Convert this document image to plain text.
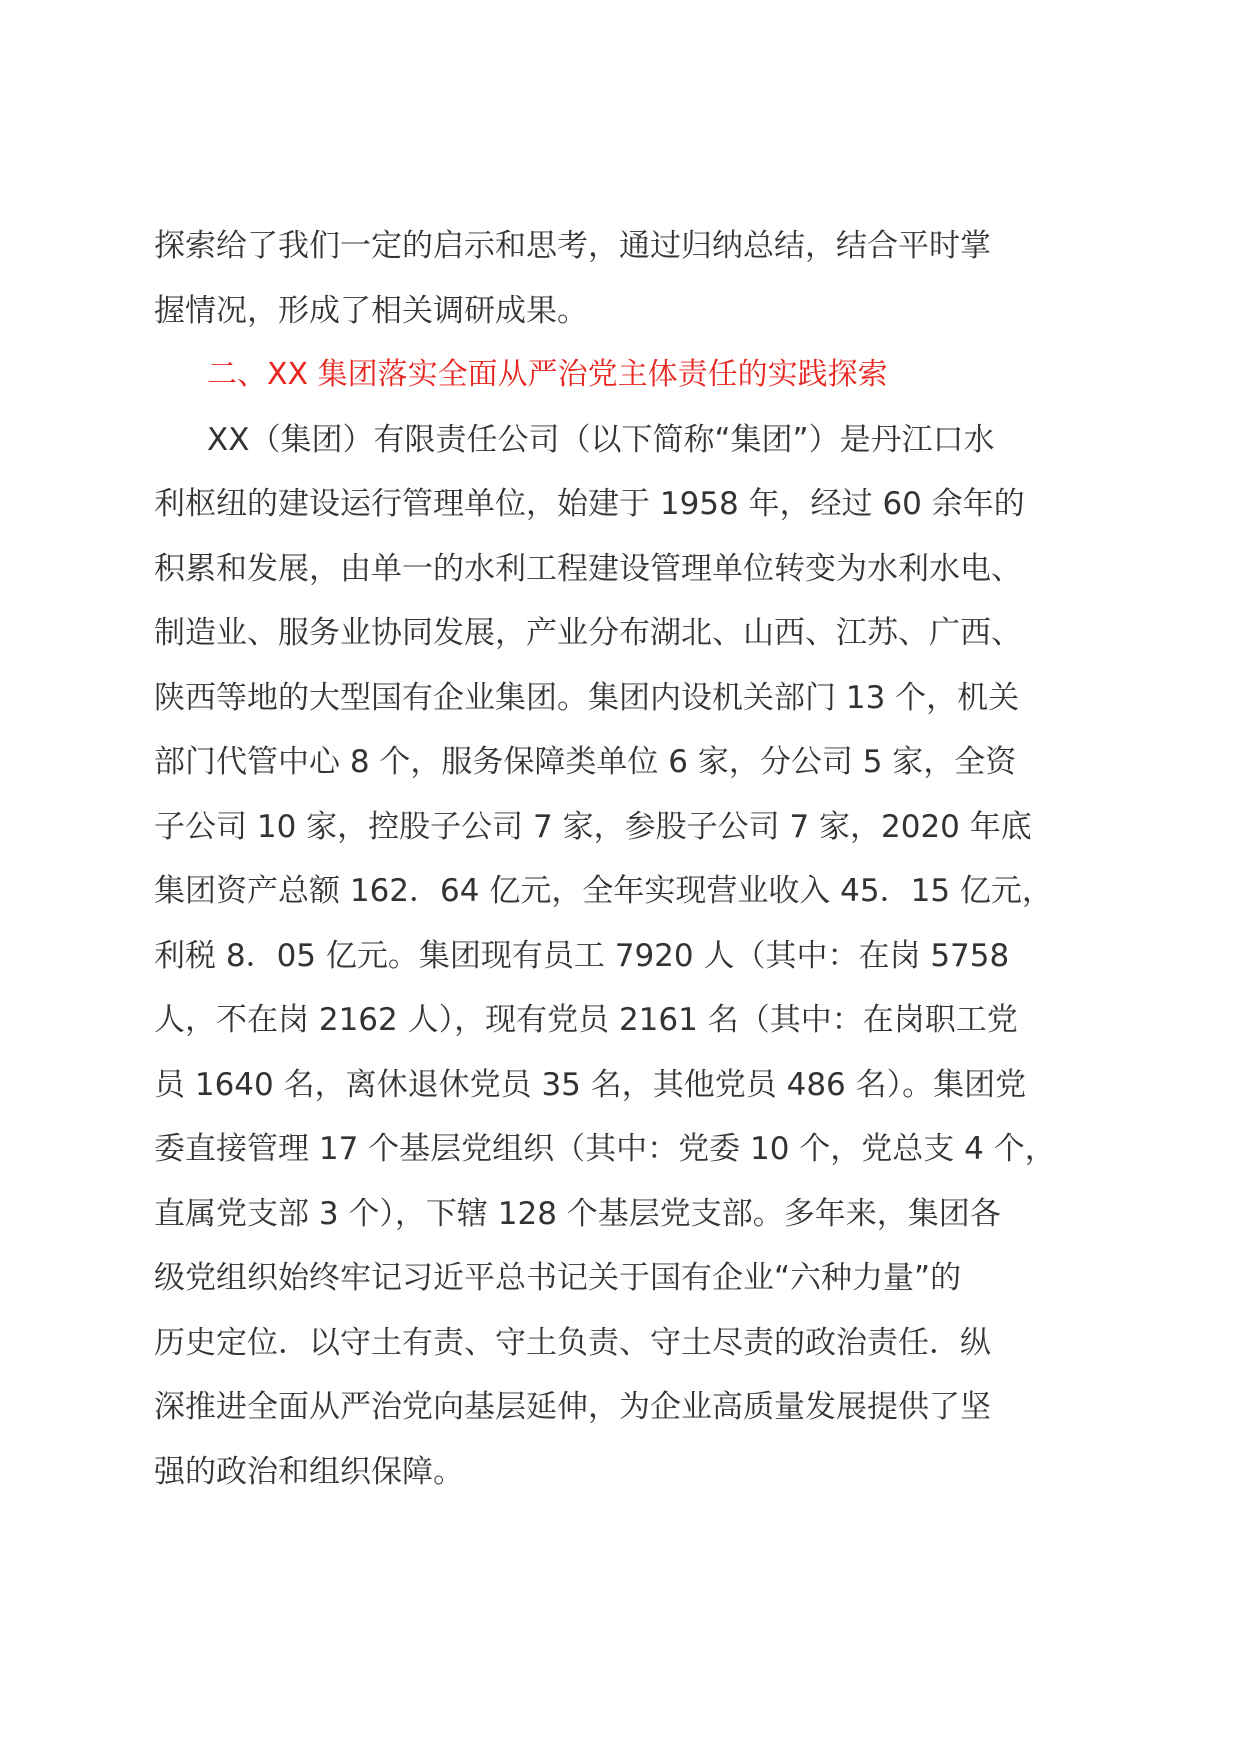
探索给了我们一定的启示和思考，通过归纳总结，结合平时掌
握情况，形成了相关调研成果。
二、XX 集团落实全面从严治党主体责任的实践探索
XX（集团）有限责任公司（以下简称“集团”）是丹江口水
利枢纽的建设运行管理单位，始建于 1958 年，经过 60 余年的
积累和发展，由单一的水利工程建设管理单位转变为水利水电、
制造业、服务业协同发展，产业分布湖北、山西、江苏、广西、
陕西等地的大型国有企业集团。集团内设机关部门 13 个，机关
部门代管中心 8 个，服务保障类单位 6 家，分公司 5 家，全资
子公司 10 家，控股子公司 7 家，参股子公司 7 家，2020 年底
集团资产总额 162．64 亿元，全年实现营业收入 45．15 亿元，
利税 8．05 亿元。集团现有员工 7920 人（其中：在岗 5758
人，不在岗 2162 人），现有党员 2161 名（其中：在岗职工党
员 1640 名，离休退休党员 35 名，其他党员 486 名）。集团党
委直接管理 17 个基层党组织（其中：党委 10 个，党总支 4 个，
直属党支部 3 个），下辖 128 个基层党支部。多年来，集团各
级党组织始终牢记习近平总书记关于国有企业“六种力量”的
历史定位．以守土有责、守土负责、守土尽责的政治责任．纵
深推进全面从严治党向基层延伸，为企业高质量发展提供了坚
强的政治和组织保障。
